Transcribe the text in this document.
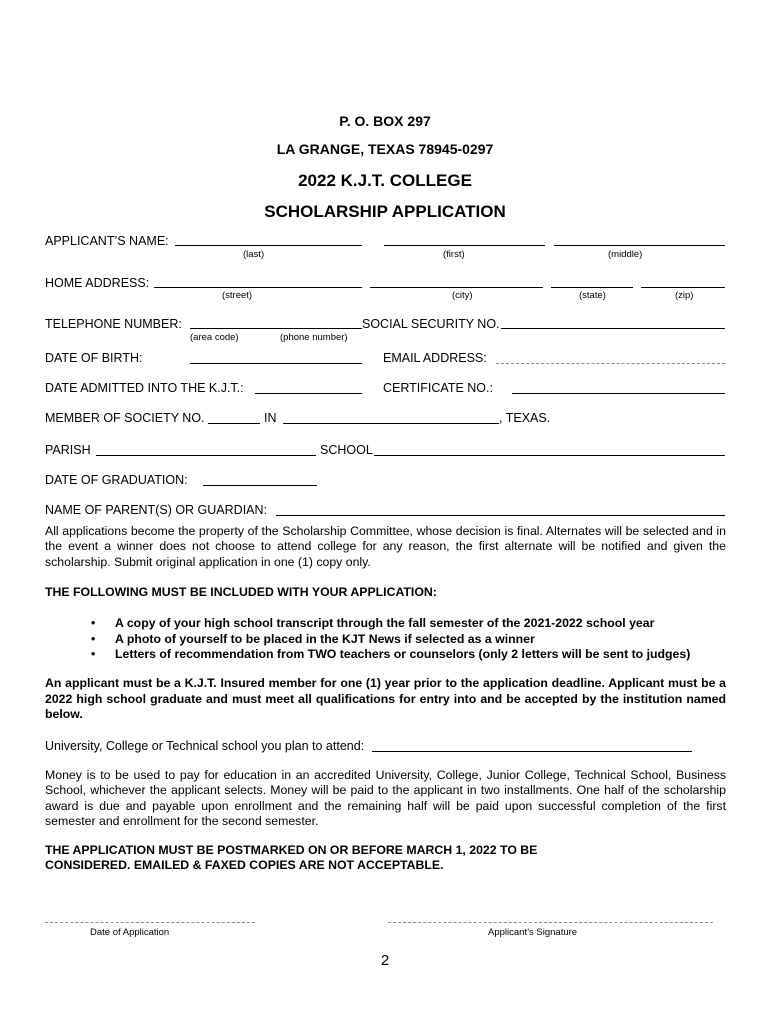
P. O. BOX 297
LA GRANGE, TEXAS 78945-0297
2022 K.J.T. COLLEGE
SCHOLARSHIP APPLICATION
APPLICANT’S NAME:
(last)	(first)	(middle)
HOME ADDRESS:
(street)	(city)	(state)	(zip)
TELEPHONE NUMBER:
(area code)	(phone number)
SOCIAL SECURITY NO.
DATE OF BIRTH:	EMAIL ADDRESS:
DATE ADMITTED INTO THE K.J.T.:	CERTIFICATE NO.:
MEMBER OF SOCIETY NO.	IN	, TEXAS.
PARISH	SCHOOL
DATE OF GRADUATION:
NAME OF PARENT(S) OR GUARDIAN:
All applications become the property of the Scholarship Committee, whose decision is final. Alternates will be selected and in the event a winner does not choose to attend college for any reason, the first alternate will be notified and given the scholarship. Submit original application in one (1) copy only.
THE FOLLOWING MUST BE INCLUDED WITH YOUR APPLICATION:
• A copy of your high school transcript through the fall semester of the 2021-2022 school year
• A photo of yourself to be placed in the KJT News if selected as a winner
• Letters of recommendation from TWO teachers or counselors (only 2 letters will be sent to judges)
An applicant must be a K.J.T. Insured member for one (1) year prior to the application deadline. Applicant must be a 2022 high school graduate and must meet all qualifications for entry into and be accepted by the institution named below.
University, College or Technical school you plan to attend:
Money is to be used to pay for education in an accredited University, College, Junior College, Technical School, Business School, whichever the applicant selects. Money will be paid to the applicant in two installments. One half of the scholarship award is due and payable upon enrollment and the remaining half will be paid upon successful completion of the first semester and enrollment for the second semester.
THE APPLICATION MUST BE POSTMARKED ON OR BEFORE MARCH 1, 2022 TO BE
CONSIDERED. EMAILED & FAXED COPIES ARE NOT ACCEPTABLE.
Date of Application	Applicant’s Signature
2
